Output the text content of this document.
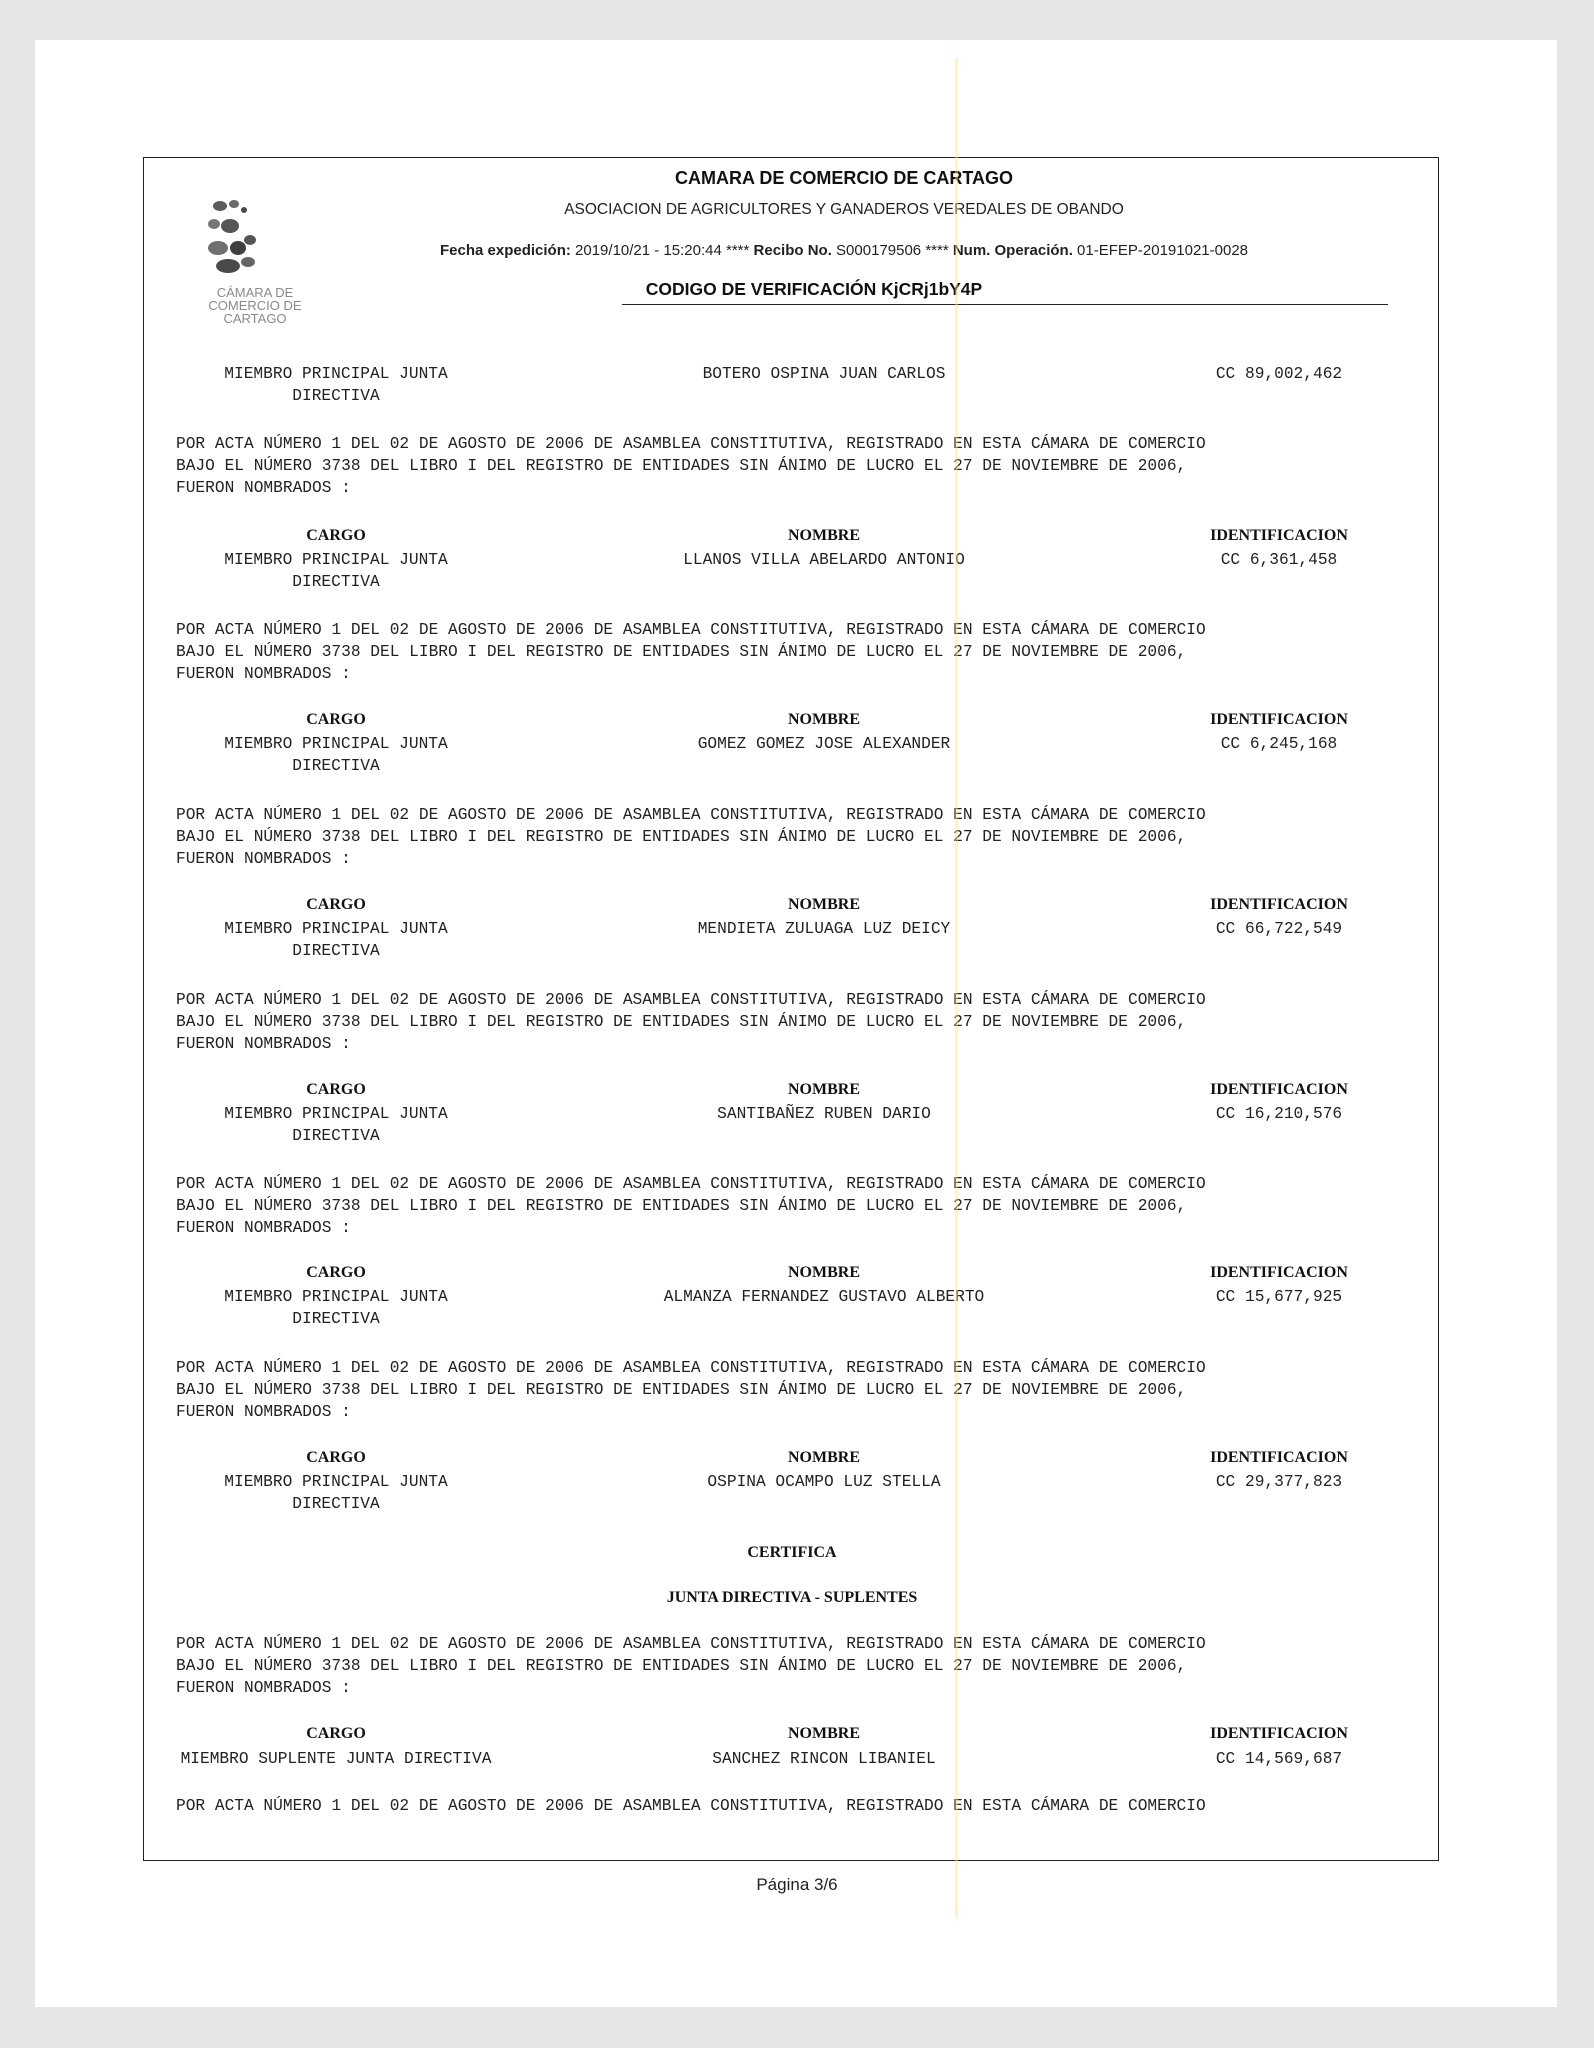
CÁMARA DE
COMERCIO DE
CARTAGO
CAMARA DE COMERCIO DE CARTAGO
ASOCIACION DE AGRICULTORES Y GANADEROS VEREDALES DE OBANDO
Fecha expedición: 2019/10/21 - 15:20:44 **** Recibo No. S000179506 **** Num. Operación. 01-EFEP-20191021-0028
CODIGO DE VERIFICACIÓN KjCRj1bY4P
MIEMBRO PRINCIPAL JUNTA
DIRECTIVA
BOTERO OSPINA JUAN CARLOS	CC 89,002,462
POR ACTA NÚMERO 1 DEL 02 DE AGOSTO DE 2006 DE ASAMBLEA CONSTITUTIVA, REGISTRADO EN ESTA CÁMARA DE COMERCIO
BAJO EL NÚMERO 3738 DEL LIBRO I DEL REGISTRO DE ENTIDADES SIN ÁNIMO DE LUCRO EL 27 DE NOVIEMBRE DE 2006,
FUERON NOMBRADOS :
CARGO	NOMBRE	IDENTIFICACION
MIEMBRO PRINCIPAL JUNTA
DIRECTIVA
LLANOS VILLA ABELARDO ANTONIO	CC 6,361,458
POR ACTA NÚMERO 1 DEL 02 DE AGOSTO DE 2006 DE ASAMBLEA CONSTITUTIVA, REGISTRADO EN ESTA CÁMARA DE COMERCIO
BAJO EL NÚMERO 3738 DEL LIBRO I DEL REGISTRO DE ENTIDADES SIN ÁNIMO DE LUCRO EL 27 DE NOVIEMBRE DE 2006,
FUERON NOMBRADOS :
CARGO	NOMBRE	IDENTIFICACION
MIEMBRO PRINCIPAL JUNTA
DIRECTIVA
GOMEZ GOMEZ JOSE ALEXANDER	CC 6,245,168
POR ACTA NÚMERO 1 DEL 02 DE AGOSTO DE 2006 DE ASAMBLEA CONSTITUTIVA, REGISTRADO EN ESTA CÁMARA DE COMERCIO
BAJO EL NÚMERO 3738 DEL LIBRO I DEL REGISTRO DE ENTIDADES SIN ÁNIMO DE LUCRO EL 27 DE NOVIEMBRE DE 2006,
FUERON NOMBRADOS :
CARGO	NOMBRE	IDENTIFICACION
MIEMBRO PRINCIPAL JUNTA
DIRECTIVA
MENDIETA ZULUAGA LUZ DEICY	CC 66,722,549
POR ACTA NÚMERO 1 DEL 02 DE AGOSTO DE 2006 DE ASAMBLEA CONSTITUTIVA, REGISTRADO EN ESTA CÁMARA DE COMERCIO
BAJO EL NÚMERO 3738 DEL LIBRO I DEL REGISTRO DE ENTIDADES SIN ÁNIMO DE LUCRO EL 27 DE NOVIEMBRE DE 2006,
FUERON NOMBRADOS :
CARGO	NOMBRE	IDENTIFICACION
MIEMBRO PRINCIPAL JUNTA
DIRECTIVA
SANTIBAÑEZ RUBEN DARIO	CC 16,210,576
POR ACTA NÚMERO 1 DEL 02 DE AGOSTO DE 2006 DE ASAMBLEA CONSTITUTIVA, REGISTRADO EN ESTA CÁMARA DE COMERCIO
BAJO EL NÚMERO 3738 DEL LIBRO I DEL REGISTRO DE ENTIDADES SIN ÁNIMO DE LUCRO EL 27 DE NOVIEMBRE DE 2006,
FUERON NOMBRADOS :
CARGO	NOMBRE	IDENTIFICACION
MIEMBRO PRINCIPAL JUNTA
DIRECTIVA
ALMANZA FERNANDEZ GUSTAVO ALBERTO	CC 15,677,925
POR ACTA NÚMERO 1 DEL 02 DE AGOSTO DE 2006 DE ASAMBLEA CONSTITUTIVA, REGISTRADO EN ESTA CÁMARA DE COMERCIO
BAJO EL NÚMERO 3738 DEL LIBRO I DEL REGISTRO DE ENTIDADES SIN ÁNIMO DE LUCRO EL 27 DE NOVIEMBRE DE 2006,
FUERON NOMBRADOS :
CARGO	NOMBRE	IDENTIFICACION
MIEMBRO PRINCIPAL JUNTA
DIRECTIVA
OSPINA OCAMPO LUZ STELLA	CC 29,377,823
CERTIFICA
JUNTA DIRECTIVA - SUPLENTES
POR ACTA NÚMERO 1 DEL 02 DE AGOSTO DE 2006 DE ASAMBLEA CONSTITUTIVA, REGISTRADO EN ESTA CÁMARA DE COMERCIO
BAJO EL NÚMERO 3738 DEL LIBRO I DEL REGISTRO DE ENTIDADES SIN ÁNIMO DE LUCRO EL 27 DE NOVIEMBRE DE 2006,
FUERON NOMBRADOS :
CARGO	NOMBRE	IDENTIFICACION
MIEMBRO SUPLENTE JUNTA DIRECTIVA	SANCHEZ RINCON LIBANIEL	CC 14,569,687
POR ACTA NÚMERO 1 DEL 02 DE AGOSTO DE 2006 DE ASAMBLEA CONSTITUTIVA, REGISTRADO EN ESTA CÁMARA DE COMERCIO
Página 3/6
